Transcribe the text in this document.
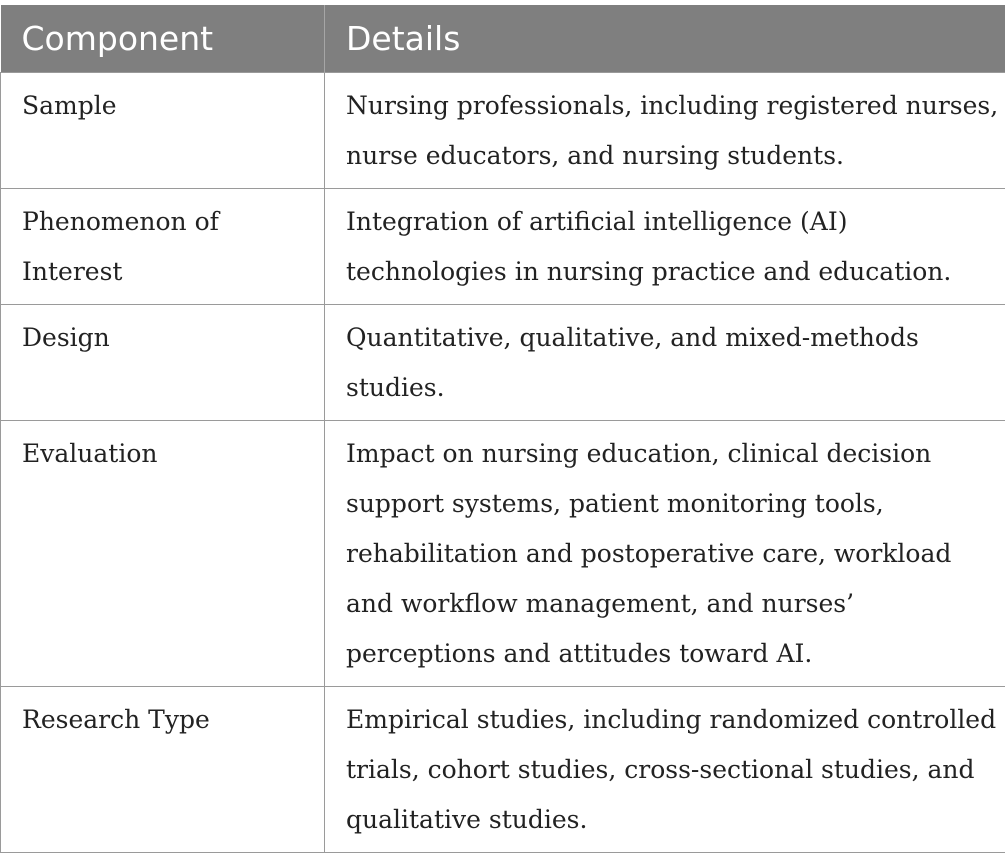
Component	Details
Sample	Nursing professionals, including registered nurses, nurse educators, and nursing students.
Phenomenon of Interest	Integration of artificial intelligence (AI) technologies in nursing practice and education.
Design	Quantitative, qualitative, and mixed-methods studies.
Evaluation	Impact on nursing education, clinical decision support systems, patient monitoring tools, rehabilitation and postoperative care, workload and workflow management, and nurses’ perceptions and attitudes toward AI.
Research Type	Empirical studies, including randomized controlled trials, cohort studies, cross-sectional studies, and qualitative studies.
